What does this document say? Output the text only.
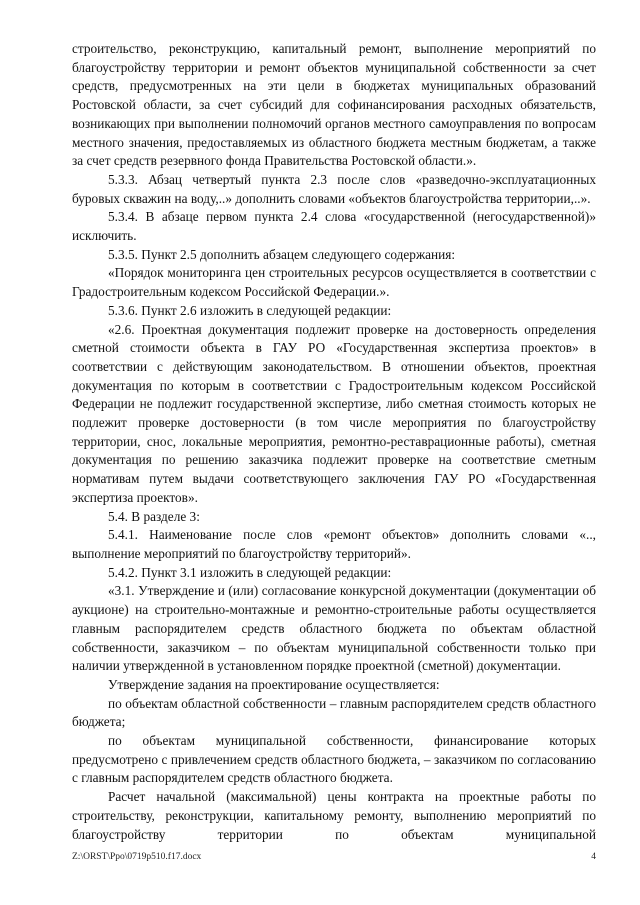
строительство, реконструкцию, капитальный ремонт, выполнение мероприятий по благоустройству территории и ремонт объектов муниципальной собственности за счет средств, предусмотренных на эти цели в бюджетах муниципальных образований Ростовской области, за счет субсидий для софинансирования расходных обязательств, возникающих при выполнении полномочий органов местного самоуправления по вопросам местного значения, предоставляемых из областного бюджета местным бюджетам, а также за счет средств резервного фонда Правительства Ростовской области.».

5.3.3. Абзац четвертый пункта 2.3 после слов «разведочно-эксплуатационных буровых скважин на воду,..» дополнить словами «объектов благоустройства территории,..».

5.3.4. В абзаце первом пункта 2.4 слова «государственной (негосударственной)» исключить.

5.3.5. Пункт 2.5 дополнить абзацем следующего содержания:

«Порядок мониторинга цен строительных ресурсов осуществляется в соответствии с Градостроительным кодексом Российской Федерации.».

5.3.6. Пункт 2.6 изложить в следующей редакции:

«2.6. Проектная документация подлежит проверке на достоверность определения сметной стоимости объекта в ГАУ РО «Государственная экспертиза проектов» в соответствии с действующим законодательством. В отношении объектов, проектная документация по которым в соответствии с Градостроительным кодексом Российской Федерации не подлежит государственной экспертизе, либо сметная стоимость которых не подлежит проверке достоверности (в том числе мероприятия по благоустройству территории, снос, локальные мероприятия, ремонтно-реставрационные работы), сметная документация по решению заказчика подлежит проверке на соответствие сметным нормативам путем выдачи соответствующего заключения ГАУ РО «Государственная экспертиза проектов».

5.4. В разделе 3:

5.4.1. Наименование после слов «ремонт объектов» дополнить словами «.., выполнение мероприятий по благоустройству территорий».

5.4.2. Пункт 3.1 изложить в следующей редакции:

«3.1. Утверждение и (или) согласование конкурсной документации (документации об аукционе) на строительно-монтажные и ремонтно-строительные работы осуществляется главным распорядителем средств областного бюджета по объектам областной собственности, заказчиком – по объектам муниципальной собственности только при наличии утвержденной в установленном порядке проектной (сметной) документации.

Утверждение задания на проектирование осуществляется:

по объектам областной собственности – главным распорядителем средств областного бюджета;

по объектам муниципальной собственности, финансирование которых предусмотрено с привлечением средств областного бюджета, – заказчиком по согласованию с главным распорядителем средств областного бюджета.

Расчет начальной (максимальной) цены контракта на проектные работы по строительству, реконструкции, капитальному ремонту, выполнению мероприятий по благоустройству территории по объектам муниципальной

Z:\ORST\Ppo\0719p510.f17.docx	4
